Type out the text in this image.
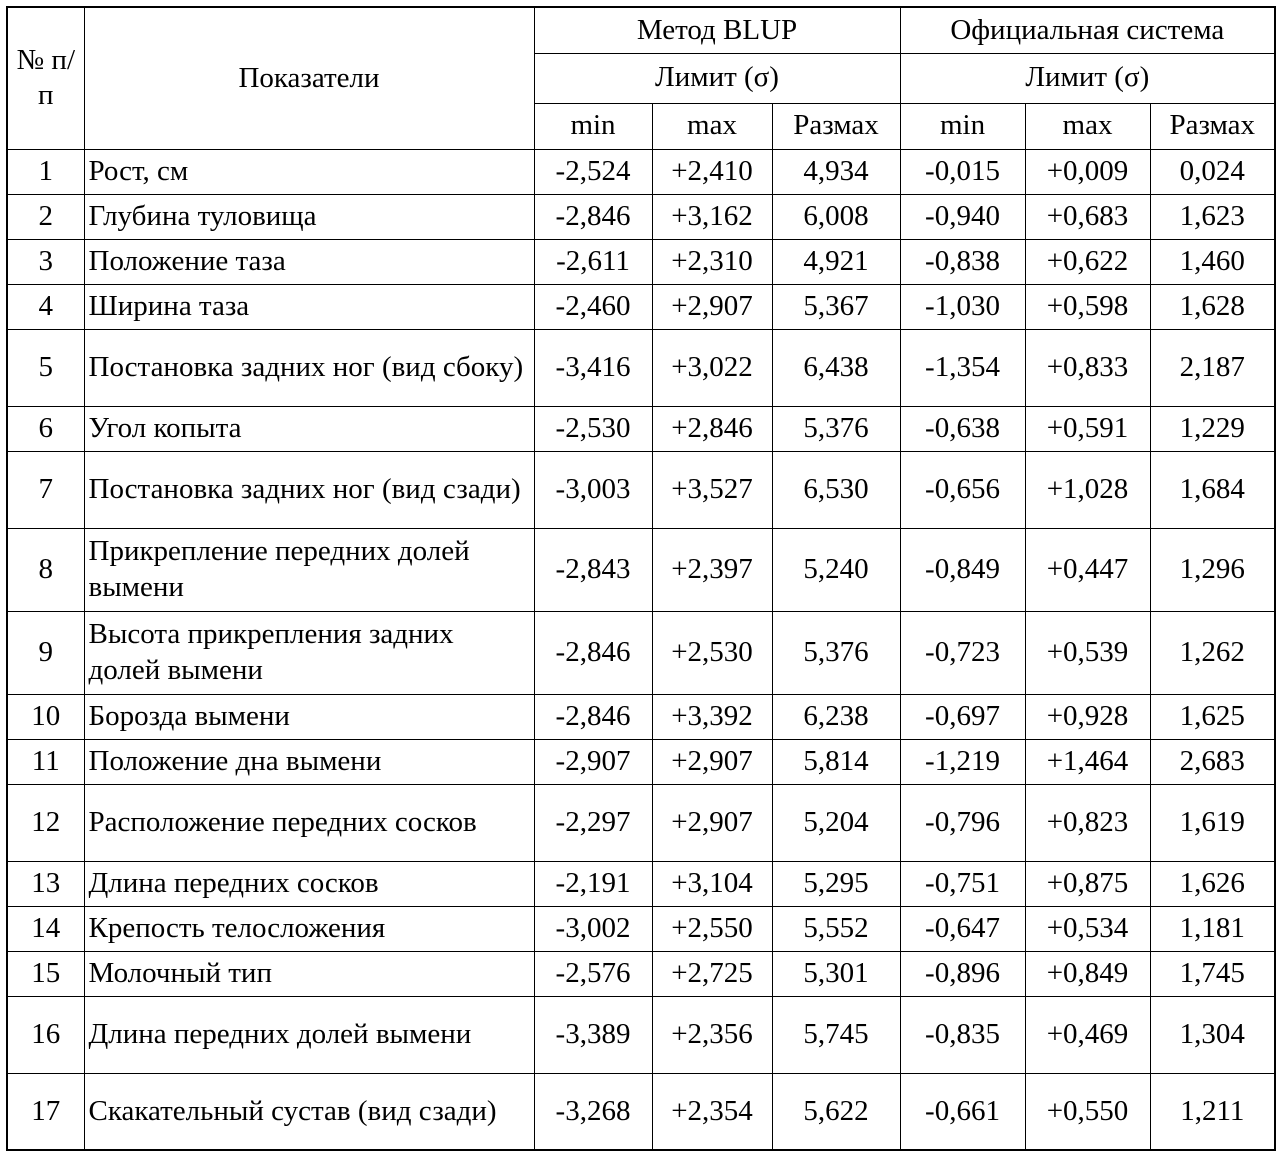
№ п/п	Показатели	Метод BLUP			Официальная система		
		Лимит (σ)			Лимит (σ)		
		min	max	Размах	min	max	Размах
1	Рост, см	-2,524	+2,410	4,934	-0,015	+0,009	0,024
2	Глубина туловища	-2,846	+3,162	6,008	-0,940	+0,683	1,623
3	Положение таза	-2,611	+2,310	4,921	-0,838	+0,622	1,460
4	Ширина таза	-2,460	+2,907	5,367	-1,030	+0,598	1,628
5	Постановка задних ног (вид сбоку)	-3,416	+3,022	6,438	-1,354	+0,833	2,187
6	Угол копыта	-2,530	+2,846	5,376	-0,638	+0,591	1,229
7	Постановка задних ног (вид сзади)	-3,003	+3,527	6,530	-0,656	+1,028	1,684
8	Прикрепление передних долей вымени	-2,843	+2,397	5,240	-0,849	+0,447	1,296
9	Высота прикрепления задних долей вымени	-2,846	+2,530	5,376	-0,723	+0,539	1,262
10	Борозда вымени	-2,846	+3,392	6,238	-0,697	+0,928	1,625
11	Положение дна вымени	-2,907	+2,907	5,814	-1,219	+1,464	2,683
12	Расположение передних сосков	-2,297	+2,907	5,204	-0,796	+0,823	1,619
13	Длина передних сосков	-2,191	+3,104	5,295	-0,751	+0,875	1,626
14	Крепость телосложения	-3,002	+2,550	5,552	-0,647	+0,534	1,181
15	Молочный тип	-2,576	+2,725	5,301	-0,896	+0,849	1,745
16	Длина передних долей вымени	-3,389	+2,356	5,745	-0,835	+0,469	1,304
17	Скакательный сустав (вид сзади)	-3,268	+2,354	5,622	-0,661	+0,550	1,211
